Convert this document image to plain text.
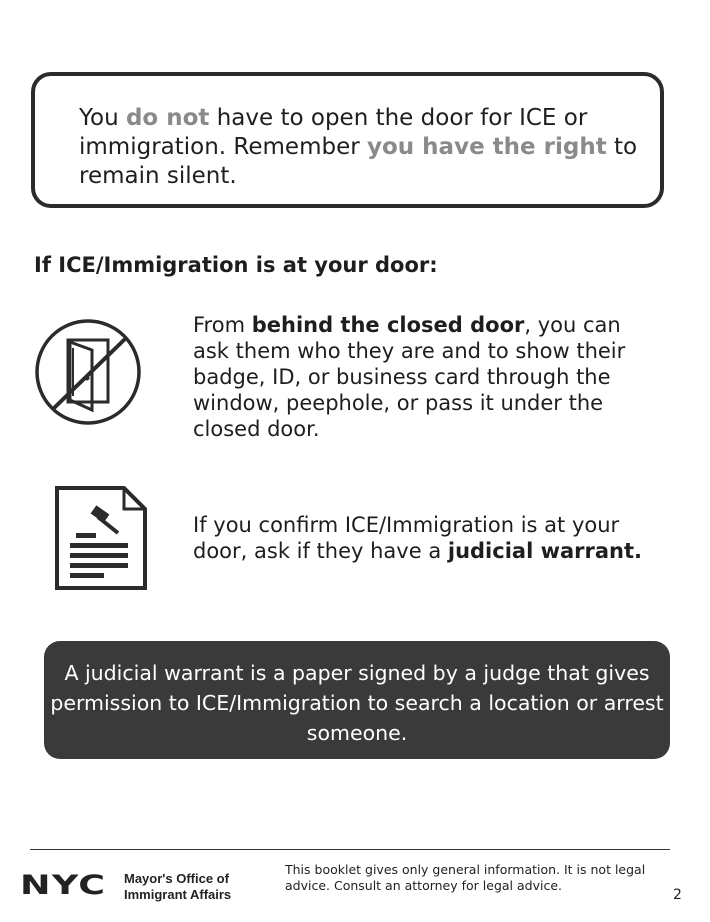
You do not have to open the door for ICE or immigration. Remember you have the right to remain silent.
If ICE/Immigration is at your door:
From behind the closed door, you can ask them who they are and to show their badge, ID, or business card through the window, peephole, or pass it under the closed door.
If you confirm ICE/Immigration is at your door, ask if they have a judicial warrant.
A judicial warrant is a paper signed by a judge that gives permission to ICE/Immigration to search a location or arrest someone.
NYC Mayor's Office of
Immigrant Affairs
This booklet gives only general information. It is not legal advice. Consult an attorney for legal advice.
2
